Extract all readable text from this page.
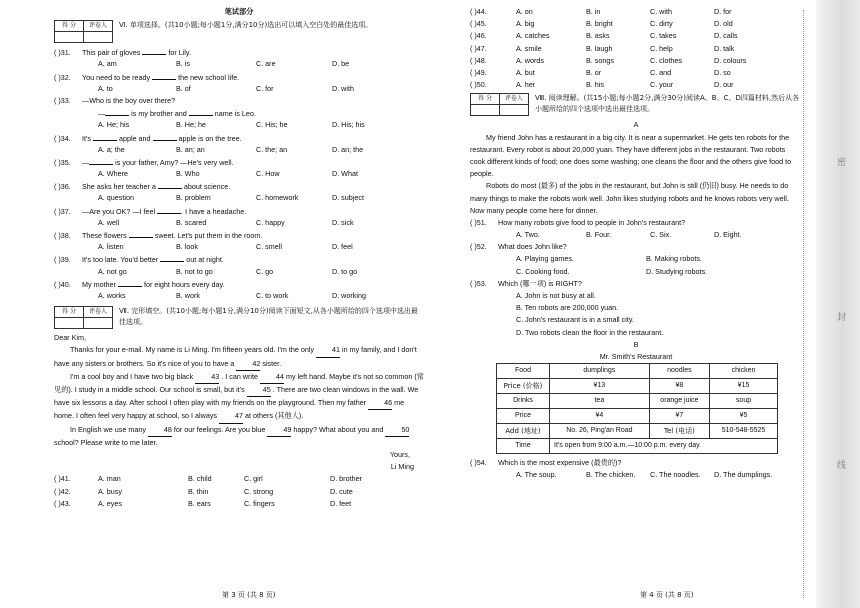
密
封
线
笔试部分
得 分	评卷人	Ⅵ. 单项选择。(共10小题;每小题1分,满分10分)选出可以填入空白处的最佳选项。
( )31. This pair of gloves	for Lily.
A. am	B. is	C. are	D. be
( )32. You need to be ready	the new school life.
A. to	B. of	C. for	D. with
( )33. —Who is the boy over there?
—	is my brother and	name is Leo.
A. He; his	B. He; he	C. His; he	D. His; his
( )34. It's	apple and	apple is on the tree.
A. a; the	B. an; an	C. the; an	D. an; the
( )35. —	is your father, Amy? —He's very well.
A. Where	B. Who	C. How	D. What
( )36. She asks her teacher a	about science.
A. question	B. problem	C. homework	D. subject
( )37. —Are you OK? —I feel	. I have a headache.
A. well	B. scared	C. happy	D. sick
( )38. These flowers	sweet. Let's put them in the room.
A. listen	B. look	C. smell	D. feel
( )39. It's too late. You'd better	out at night.
A. not go	B. not to go	C. go	D. to go
( )40. My mother	for eight hours every day.
A. works	B. work	C. to work	D. working
得 分	评卷人	Ⅶ. 完形填空。(共10小题;每小题1分,满分10分)阅读下面短文,从各小题所给的四个选项中选出最佳选项。
Dear Kim,

Thanks for your e-mail. My name is Li Ming. I'm fifteen years old. I'm the only	41 in my family, and I don't have any sisters or brothers. So it's nice of you to have a	42 sister.

I'm a cool boy and I have two big black	43 . I can write	44 my left hand. Maybe it's not so common (常见的). I study in a middle school. Our school is small, but it's	45 . There are two clean windows in the wall. We have six lessons a day. After school I often play with my friends on the playground. Then my father	46 me home. I often feel very happy at school, so I always	47 at others (其他人).

In English we use many	48 for our feelings. Are you blue	49 happy? What about you and	50 school? Please write to me later.

Yours,
Li Ming
( )41.	A. man	B. child	C. girl	D. brother
( )42.	A. busy	B. thin	C. strong	D. cute
( )43.	A. eyes	B. ears	C. fingers	D. feet
第 3 页 (共 8 页)
( )44.	A. on	B. in	C. with	D. for
( )45.	A. big	B. bright	C. dirty	D. old
( )46.	A. catches	B. asks	C. takes	D. calls
( )47.	A. smile	B. laugh	C. help	D. talk
( )48.	A. words	B. songs	C. clothes	D. colours
( )49.	A. but	B. or	C. and	D. so
( )50.	A. her	B. his	C. your	D. our
得 分	评卷人	Ⅷ. 阅读理解。(共15小题;每小题2分,满分30分)阅读A、B、C、D四篇材料,然后从各小题所给的四个选项中选出最佳选项。
A

My friend John has a restaurant in a big city. It is near a supermarket. He gets ten robots for the restaurant. Every robot is about 20,000 yuan. They have different jobs in the restaurant. Two robots cook different kinds of food; one does some washing; one cleans the floor and the others give food to people.

Robots do most (最多) of the jobs in the restaurant, but John is still (仍旧) busy. He needs to do many things to make the robots work well. John likes studying robots and he knows robots very well. Now many people come here for dinner.

( )51. How many robots give food to people in John's restaurant?
A. Two.	B. Four.	C. Six.	D. Eight.
( )52. What does John like?
A. Playing games.	B. Making robots.
C. Cooking food.	D. Studying robots.
( )53. Which (哪一项) is RIGHT?
A. John is not busy at all.
B. Ten robots are 200,000 yuan.
C. John's restaurant is in a small city.
D. Two robots clean the floor in the restaurant.
B
Mr. Smith's Restaurant
Food	dumplings	noodles	chicken
Price (价格)	¥13	¥8	¥15
Drinks	tea	orange juice	soup
Price	¥4	¥7	¥5
Add (地址)	No. 26, Ping'an Road	Tel (电话)	510-548-5525
Time	It's open from 9:00 a.m.—10:00 p.m. every day.		
( )54. Which is the most expensive (最贵的)?
A. The soup.	B. The chicken. C. The noodles. D. The dumplings.
第 4 页 (共 8 页)
